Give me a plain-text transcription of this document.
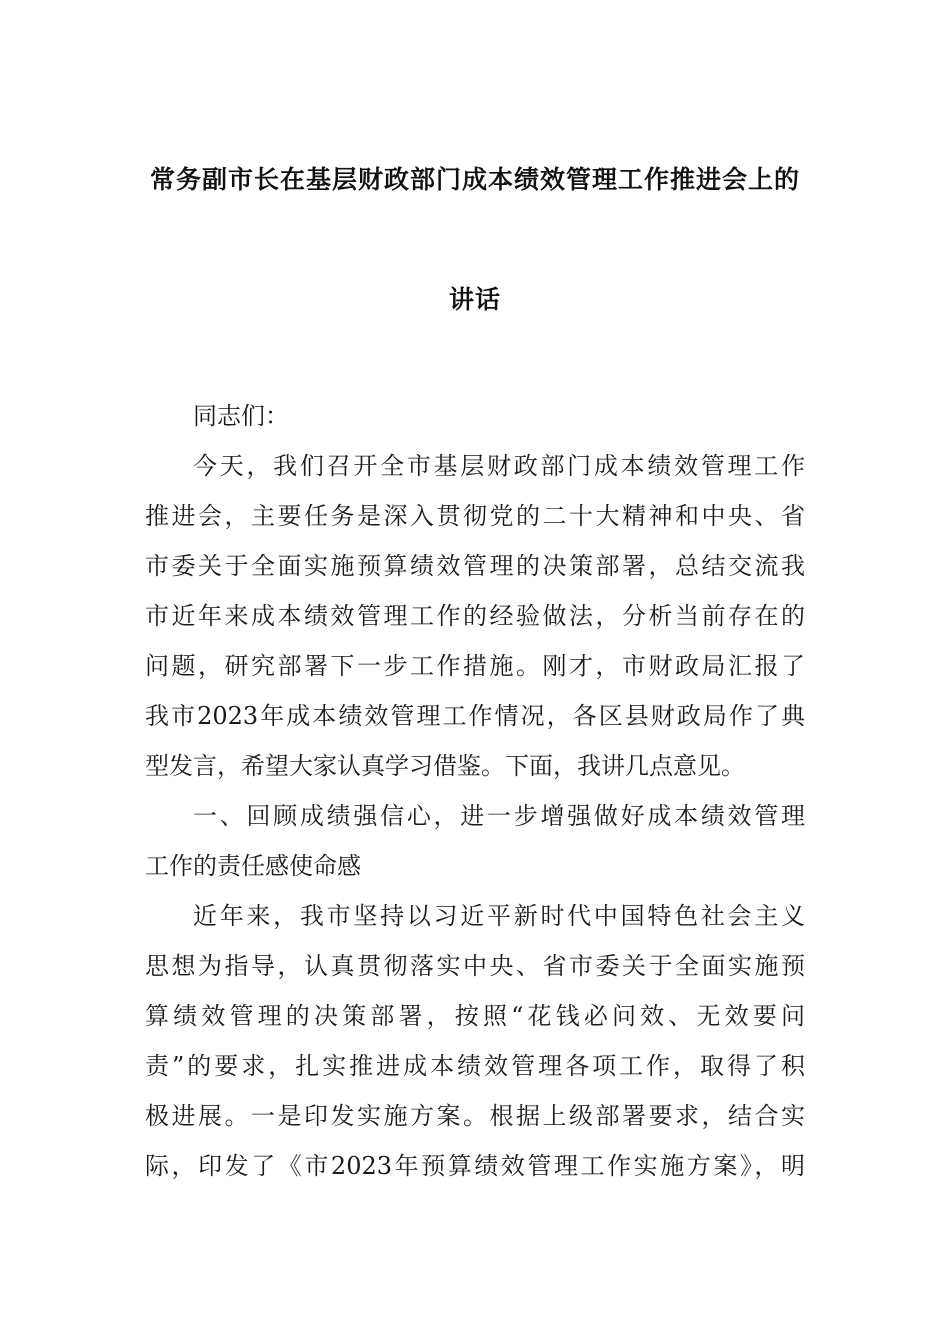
常务副市长在基层财政部门成本绩效管理工作推进会上的
讲话
同志们：
今天，我们召开全市基层财政部门成本绩效管理工作
推进会，主要任务是深入贯彻党的二十大精神和中央、省
市委关于全面实施预算绩效管理的决策部署，总结交流我
市近年来成本绩效管理工作的经验做法，分析当前存在的
问题，研究部署下一步工作措施。刚才，市财政局汇报了
我市2023年成本绩效管理工作情况，各区县财政局作了典
型发言，希望大家认真学习借鉴。下面，我讲几点意见。
一、回顾成绩强信心，进一步增强做好成本绩效管理
工作的责任感使命感
近年来，我市坚持以习近平新时代中国特色社会主义
思想为指导，认真贯彻落实中央、省市委关于全面实施预
算绩效管理的决策部署，按照“花钱必问效、无效要问
责”的要求，扎实推进成本绩效管理各项工作，取得了积
极进展。一是印发实施方案。根据上级部署要求，结合实
际，印发了《市2023年预算绩效管理工作实施方案》，明
